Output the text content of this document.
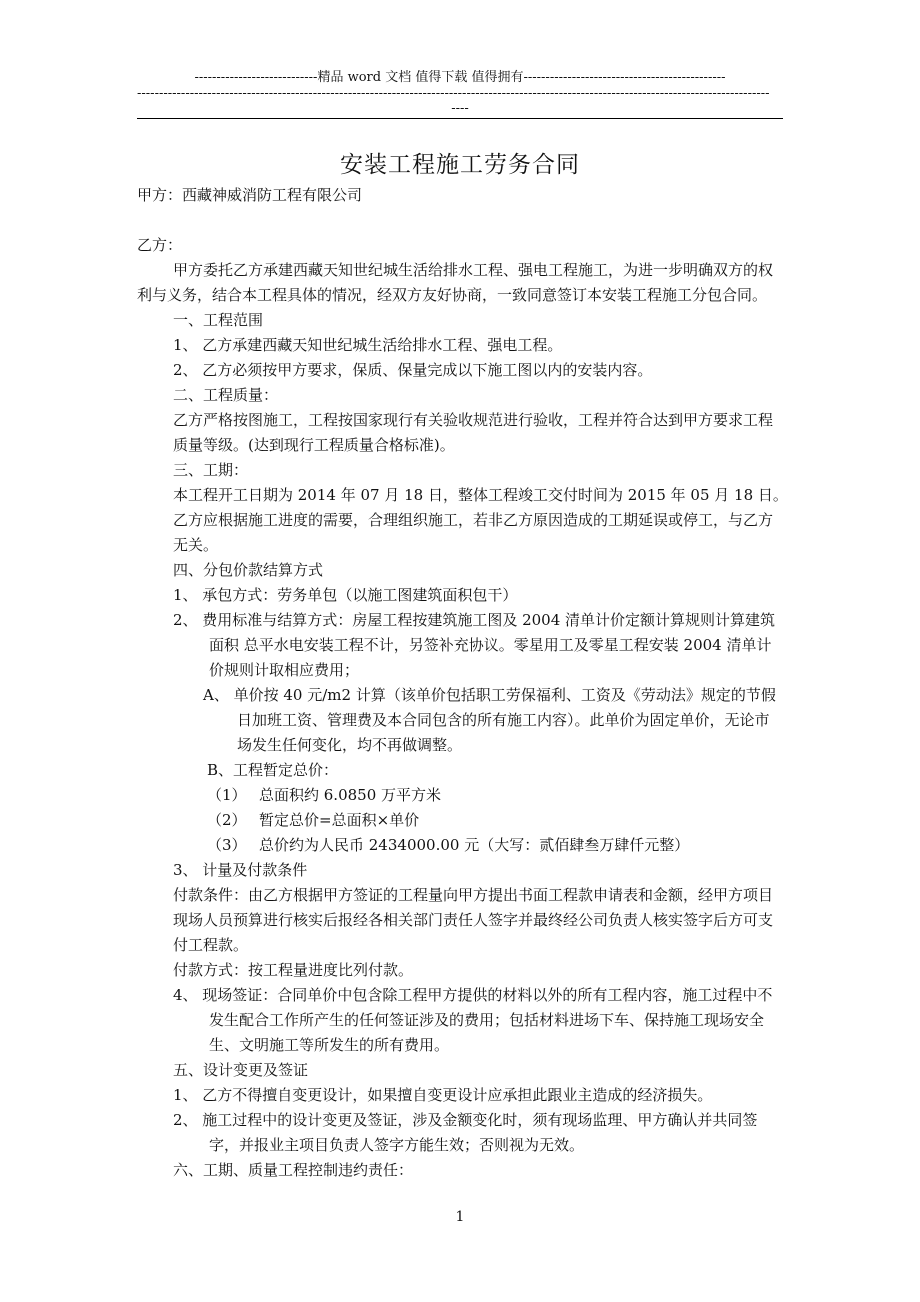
----------------------------精品 word 文档 值得下载 值得拥有----------------------------------------------
------------------------------------------------------------------------------------------------------------------------------------------------
----
安装工程施工劳务合同

甲方：西藏神威消防工程有限公司

乙方：

甲方委托乙方承建西藏天知世纪城生活给排水工程、强电工程施工，为进一步明确双方的权利与义务，结合本工程具体的情况，经双方友好协商，一致同意签订本安装工程施工分包合同。

一、工程范围

1、 乙方承建西藏天知世纪城生活给排水工程、强电工程。

2、 乙方必须按甲方要求，保质、保量完成以下施工图以内的安装内容。

二、工程质量：

乙方严格按图施工，工程按国家现行有关验收规范进行验收，工程并符合达到甲方要求工程质量等级。(达到现行工程质量合格标准)。

三、工期：

本工程开工日期为 2014 年 07 月 18 日，整体工程竣工交付时间为 2015 年 05 月 18 日。

乙方应根据施工进度的需要，合理组织施工，若非乙方原因造成的工期延误或停工，与乙方无关。

四、分包价款结算方式

1、 承包方式：劳务单包（以施工图建筑面积包干）

2、 费用标准与结算方式：房屋工程按建筑施工图及 2004 清单计价定额计算规则计算建筑面积 总平水电安装工程不计，另签补充协议。零星用工及零星工程安装 2004 清单计价规则计取相应费用；

A、 单价按 40 元/m2 计算（该单价包括职工劳保福利、工资及《劳动法》规定的节假日加班工资、管理费及本合同包含的所有施工内容）。此单价为固定单价，无论市场发生任何变化，均不再做调整。

B、工程暂定总价：

（1） 总面积约 6.0850 万平方米

（2） 暂定总价=总面积×单价

（3） 总价约为人民币 2434000.00 元（大写：贰佰肆叁万肆仟元整）

3、 计量及付款条件

付款条件：由乙方根据甲方签证的工程量向甲方提出书面工程款申请表和金额，经甲方项目现场人员预算进行核实后报经各相关部门责任人签字并最终经公司负责人核实签字后方可支付工程款。

付款方式：按工程量进度比列付款。

4、 现场签证：合同单价中包含除工程甲方提供的材料以外的所有工程内容，施工过程中不发生配合工作所产生的任何签证涉及的费用；包括材料进场下车、保持施工现场安全生、文明施工等所发生的所有费用。

五、设计变更及签证

1、 乙方不得擅自变更设计，如果擅自变更设计应承担此跟业主造成的经济损失。

2、 施工过程中的设计变更及签证，涉及金额变化时，须有现场监理、甲方确认并共同签字，并报业主项目负责人签字方能生效；否则视为无效。

六、工期、质量工程控制违约责任：

1
